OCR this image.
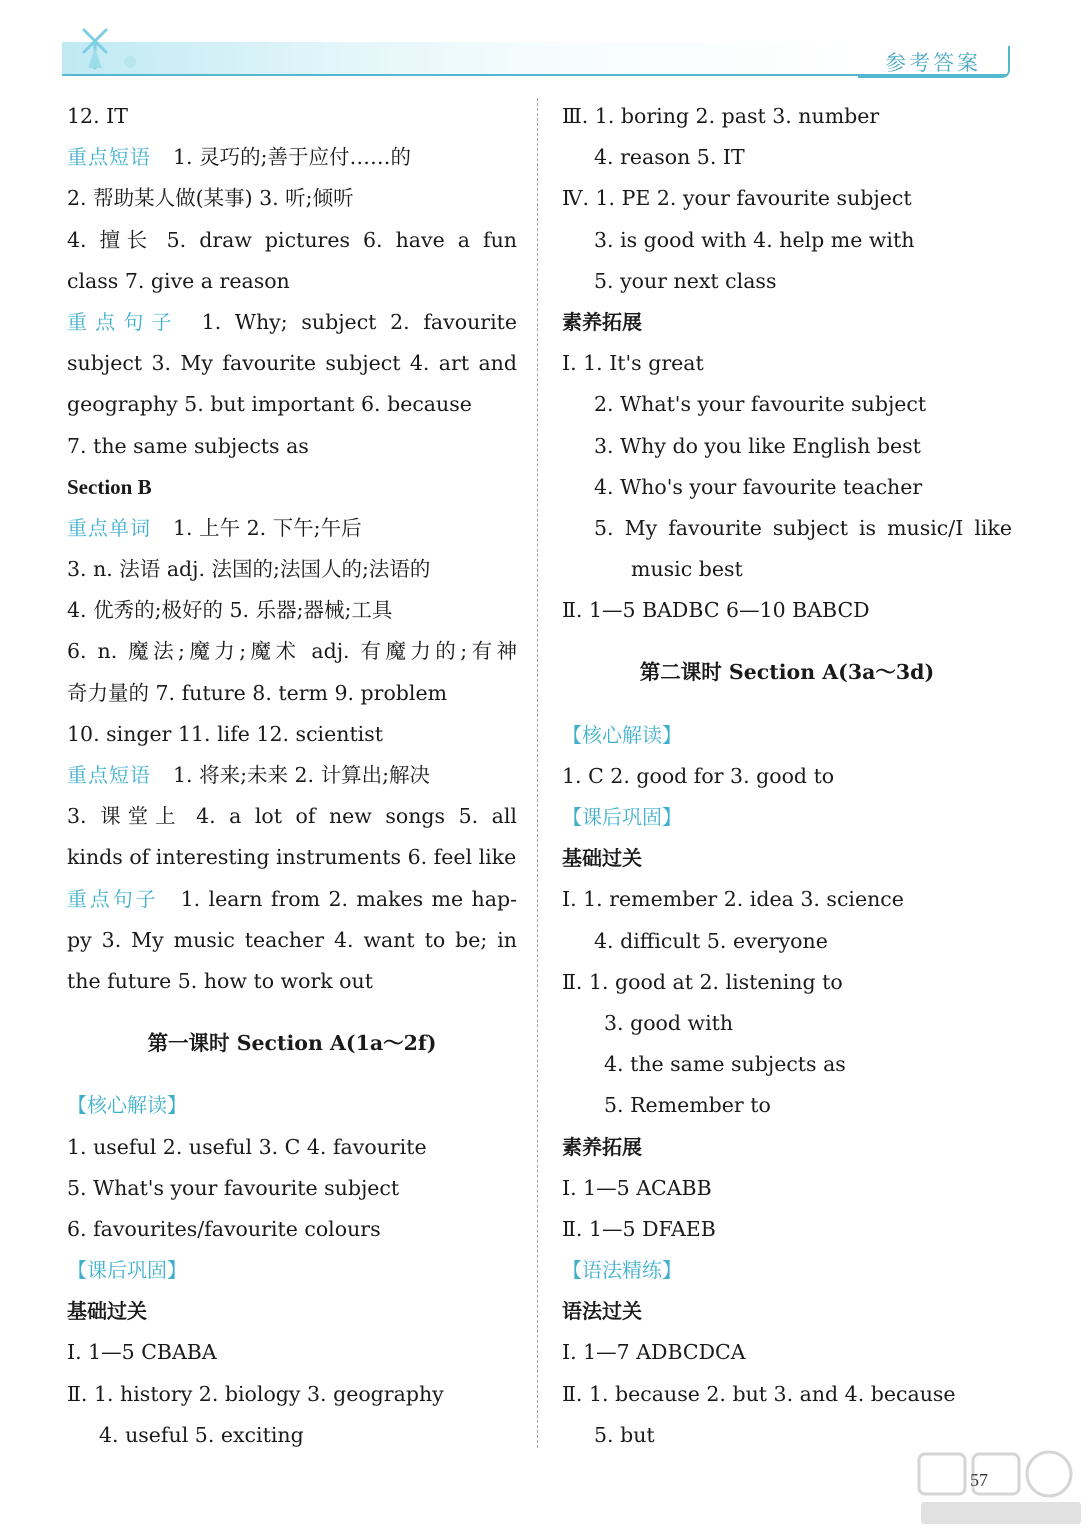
参考答案
12. IT
重点短语 1. 灵巧的;善于应付……的
2. 帮助某人做(某事) 3. 听;倾听
4. 擅长 5. draw pictures 6. have a fun
class 7. give a reason
重点句子 1. Why; subject 2. favourite
subject 3. My favourite subject 4. art and
geography 5. but important 6. because
7. the same subjects as
Section B
重点单词 1. 上午 2. 下午;午后
3. n. 法语 adj. 法国的;法国人的;法语的
4. 优秀的;极好的 5. 乐器;器械;工具
6. n. 魔法;魔力;魔术 adj. 有魔力的;有神
奇力量的 7. future 8. term 9. problem
10. singer 11. life 12. scientist
重点短语 1. 将来;未来 2. 计算出;解决
3. 课堂上 4. a lot of new songs 5. all
kinds of interesting instruments 6. feel like
重点句子 1. learn from 2. makes me hap-
py 3. My music teacher 4. want to be; in
the future 5. how to work out
第一课时 Section A(1a～2f)
【核心解读】
1. useful 2. useful 3. C 4. favourite
5. What's your favourite subject
6. favourites/favourite colours
【课后巩固】
基础过关
Ⅰ. 1—5 CBABA
Ⅱ. 1. history 2. biology 3. geography
4. useful 5. exciting
Ⅲ. 1. boring 2. past 3. number
4. reason 5. IT
Ⅳ. 1. PE 2. your favourite subject
3. is good with 4. help me with
5. your next class
素养拓展
Ⅰ. 1. It's great
2. What's your favourite subject
3. Why do you like English best
4. Who's your favourite teacher
5. My favourite subject is music/I like
music best
Ⅱ. 1—5 BADBC 6—10 BABCD
第二课时 Section A(3a～3d)
【核心解读】
1. C 2. good for 3. good to
【课后巩固】
基础过关
Ⅰ. 1. remember 2. idea 3. science
4. difficult 5. everyone
Ⅱ. 1. good at 2. listening to
3. good with
4. the same subjects as
5. Remember to
素养拓展
Ⅰ. 1—5 ACABB
Ⅱ. 1—5 DFAEB
【语法精练】
语法过关
Ⅰ. 1—7 ADBCDCA
Ⅱ. 1. because 2. but 3. and 4. because
5. but
57
